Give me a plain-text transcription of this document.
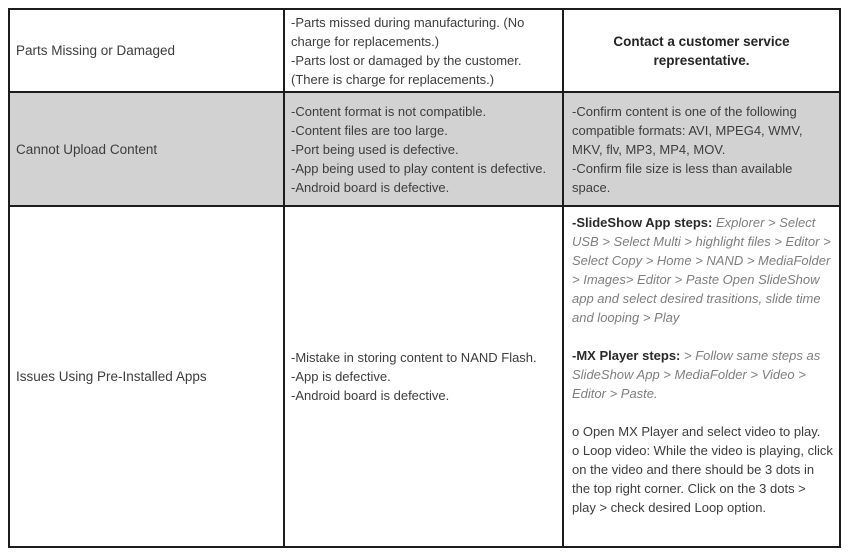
Parts Missing or Damaged
-Parts missed during manufacturing. (No charge for replacements.)
-Parts lost or damaged by the customer. (There is charge for replacements.)
Contact a customer service representative.
Cannot Upload Content
-Content format is not compatible.
-Content files are too large.
-Port being used is defective.
-App being used to play content is defective.
-Android board is defective.
-Confirm content is one of the following compatible formats: AVI, MPEG4, WMV, MKV, flv, MP3, MP4, MOV.
-Confirm file size is less than available space.
Issues Using Pre-Installed Apps
-Mistake in storing content to NAND Flash.
-App is defective.
-Android board is defective.

-SlideShow App steps: Explorer > Select USB > Select Multi > highlight files > Editor > Select Copy > Home > NAND > MediaFolder > Images> Editor > Paste Open SlideShow app and select desired trasitions, slide time and looping > Play

-MX Player steps: > Follow same steps as SlideShow App > MediaFolder > Video > Editor > Paste.

o Open MX Player and select video to play.

o Loop video: While the video is playing, click on the video and there should be 3 dots in the top right corner. Click on the 3 dots > play > check desired Loop option.
